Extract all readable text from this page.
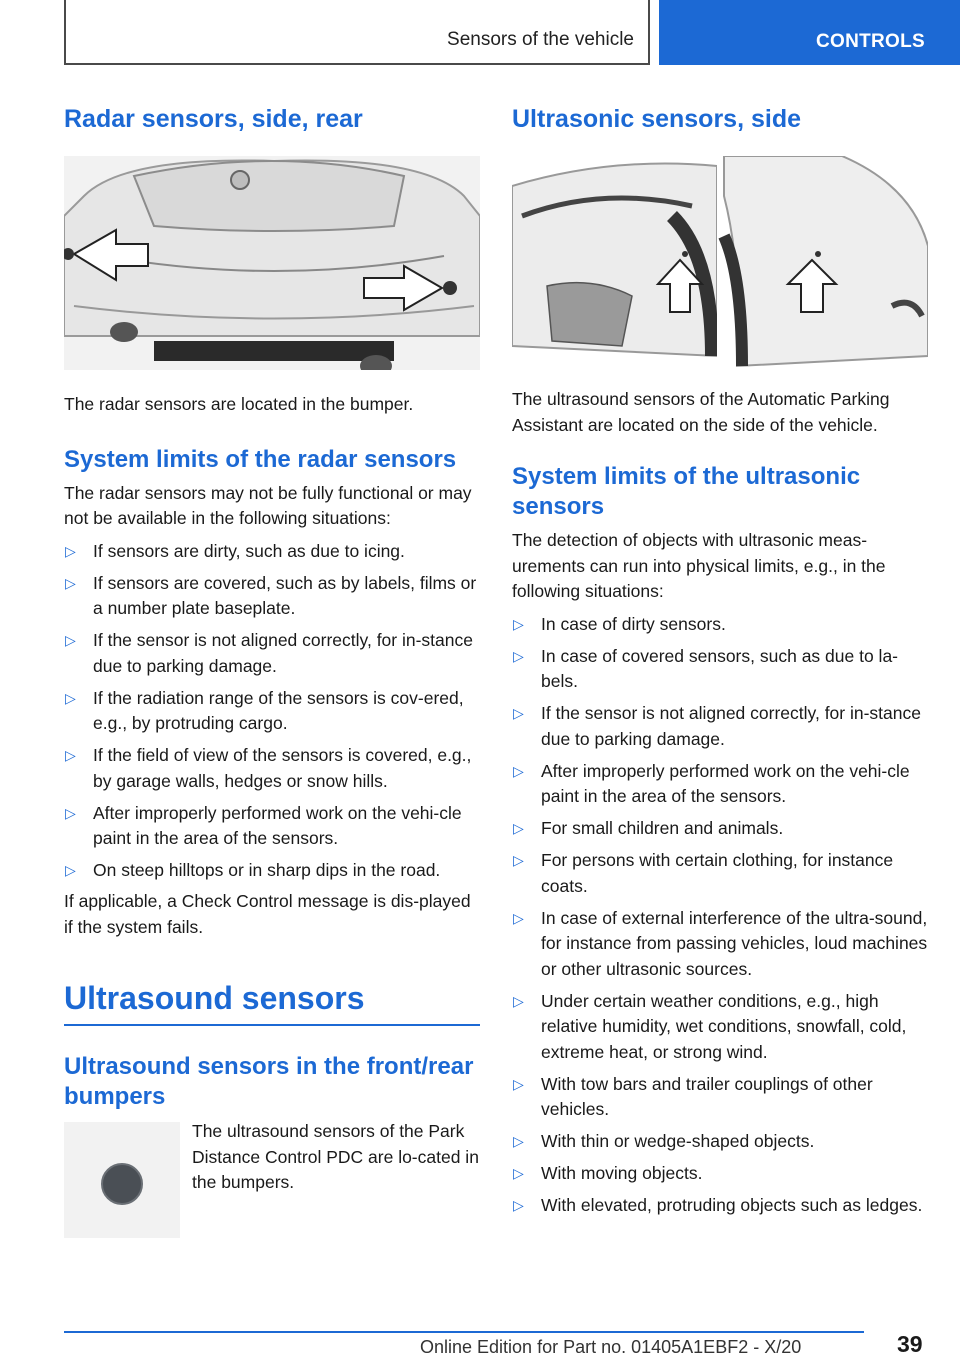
Sensors of the vehicle	CONTROLS
Radar sensors, side, rear

The radar sensors are located in the bumper.

System limits of the radar sensors

The radar sensors may not be fully functional or may not be available in the following situations:

▷ If sensors are dirty, such as due to icing.
▷ If sensors are covered, such as by labels, films or a number plate baseplate.
▷ If the sensor is not aligned correctly, for in‐stance due to parking damage.
▷ If the radiation range of the sensors is cov‐ered, e.g., by protruding cargo.
▷ If the field of view of the sensors is covered, e.g., by garage walls, hedges or snow hills.
▷ After improperly performed work on the vehi‐cle paint in the area of the sensors.
▷ On steep hilltops or in sharp dips in the road.

If applicable, a Check Control message is dis‐played if the system fails.

Ultrasound sensors
Ultrasound sensors in the front/rear bumpers

The ultrasound sensors of the Park Distance Control PDC are lo‐cated in the bumpers.

Ultrasonic sensors, side

The ultrasound sensors of the Automatic Parking Assistant are located on the side of the vehicle.

System limits of the ultrasonic sensors

The detection of objects with ultrasonic meas‐urements can run into physical limits, e.g., in the following situations:

▷ In case of dirty sensors.
▷ In case of covered sensors, such as due to la‐bels.
▷ If the sensor is not aligned correctly, for in‐stance due to parking damage.
▷ After improperly performed work on the vehi‐cle paint in the area of the sensors.
▷ For small children and animals.
▷ For persons with certain clothing, for instance coats.
▷ In case of external interference of the ultra‐sound, for instance from passing vehicles, loud machines or other ultrasonic sources.
▷ Under certain weather conditions, e.g., high relative humidity, wet conditions, snowfall, cold, extreme heat, or strong wind.
▷ With tow bars and trailer couplings of other vehicles.
▷ With thin or wedge-shaped objects.
▷ With moving objects.
▷ With elevated, protruding objects such as ledges.
39
Online Edition for Part no. 01405A1EBF2 - X/20
